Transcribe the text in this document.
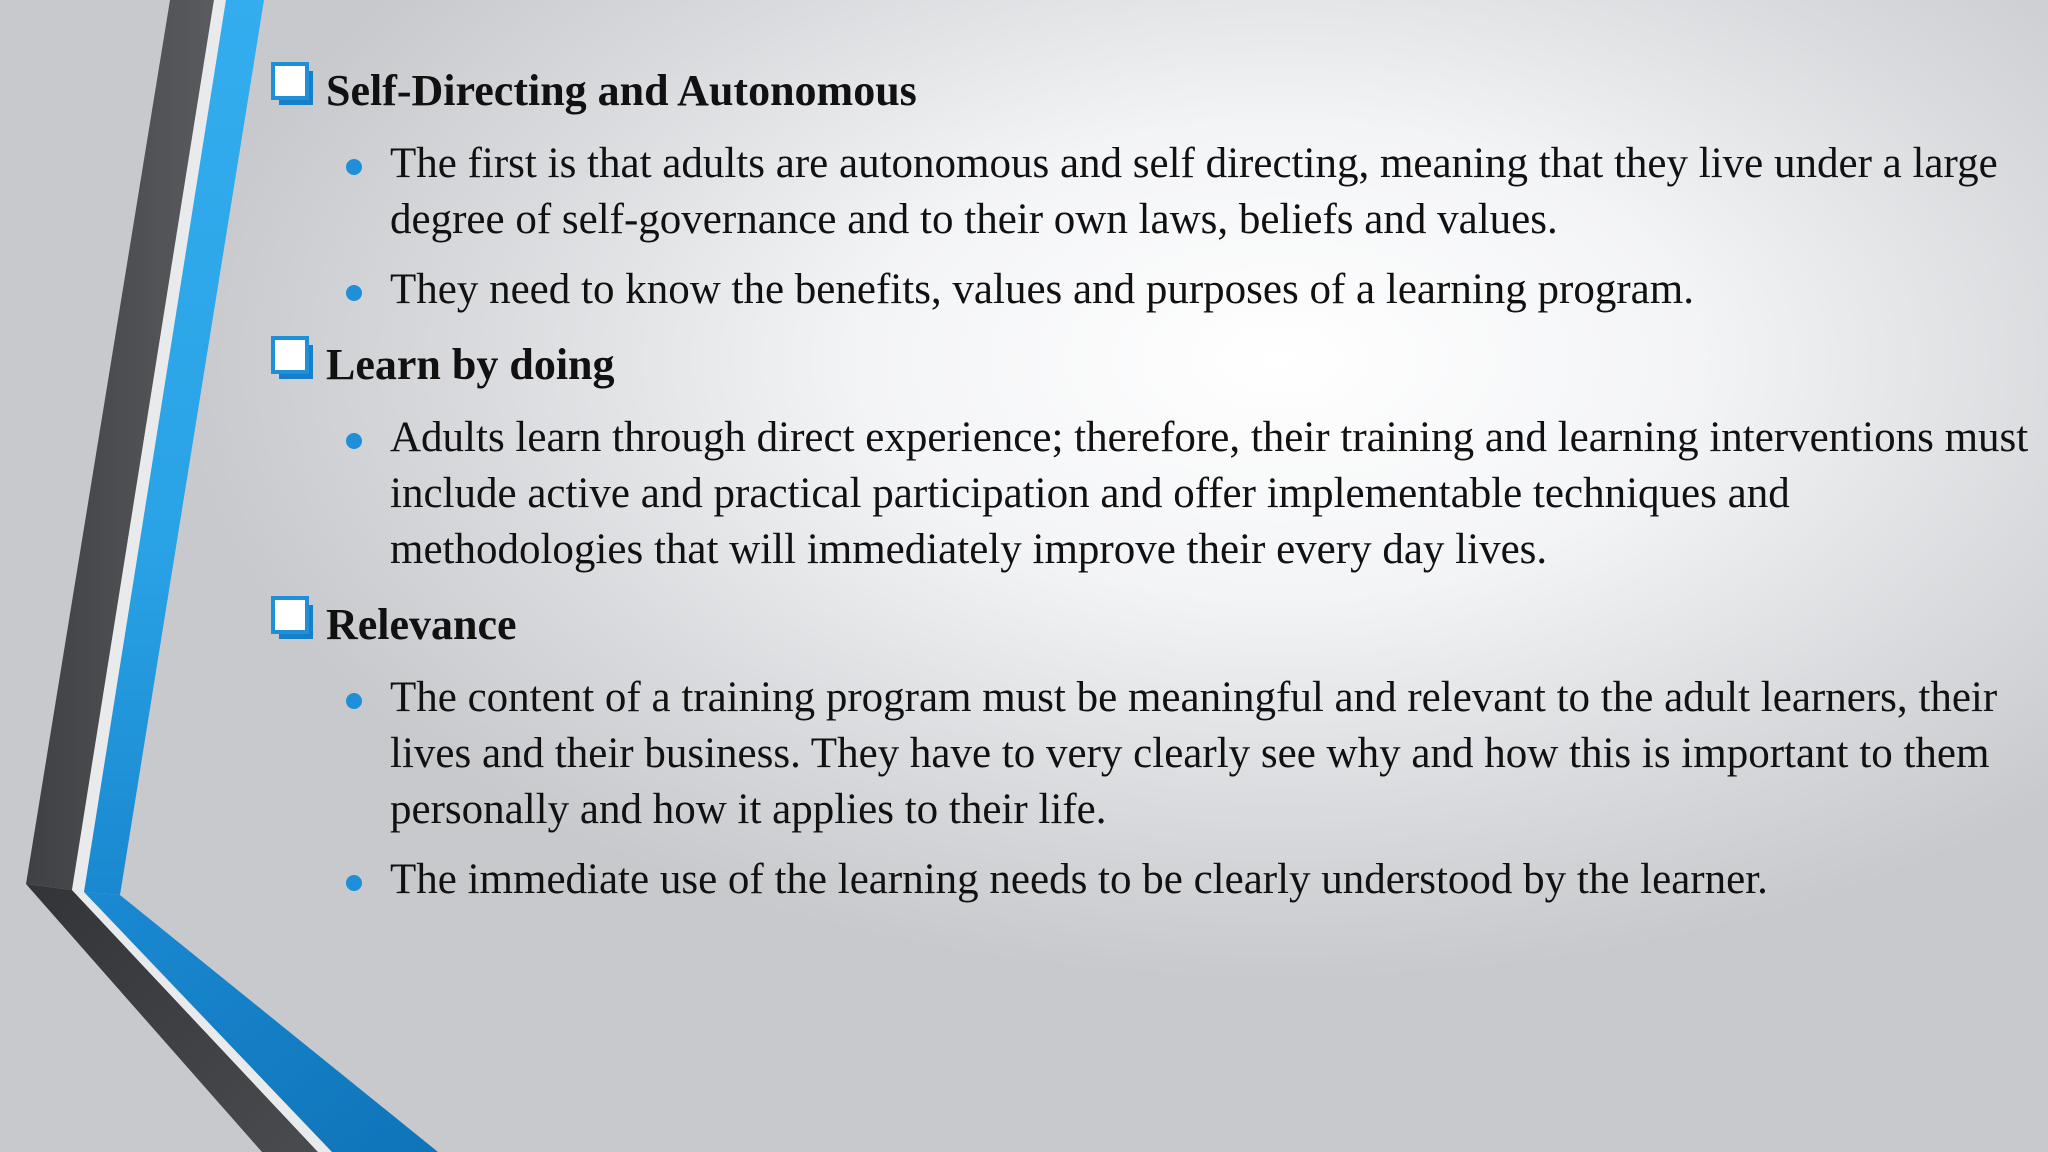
Self-Directing and Autonomous
The first is that adults are autonomous and self directing, meaning that they live under a large degree of self-governance and to their own laws, beliefs and values.
They need to know the benefits, values and purposes of a learning program.
Learn by doing
Adults learn through direct experience; therefore, their training and learning interventions must include active and practical participation and offer implementable techniques and methodologies that will immediately improve their every day lives.
Relevance
The content of a training program must be meaningful and relevant to the adult learners, their lives and their business. They have to very clearly see why and how this is important to them personally and how it applies to their life.
The immediate use of the learning needs to be clearly understood by the learner.
